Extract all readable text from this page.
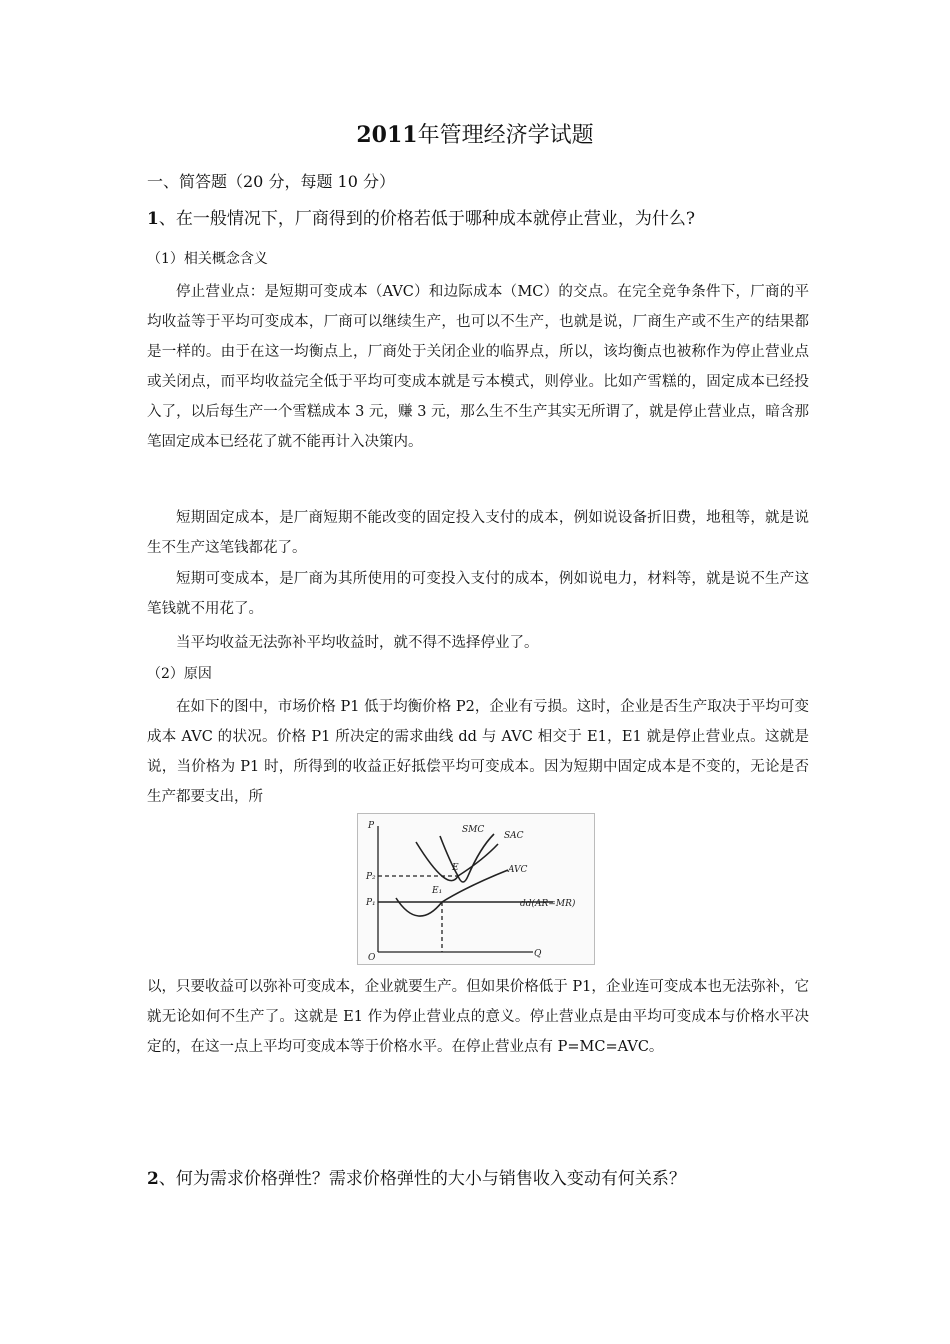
2011年管理经济学试题
一、简答题（20 分，每题 10 分）
1、在一般情况下，厂商得到的价格若低于哪种成本就停止营业，为什么?
（1）相关概念含义

停止营业点：是短期可变成本（AVC）和边际成本（MC）的交点。在完全竞争条件下，厂商的平均收益等于平均可变成本，厂商可以继续生产，也可以不生产，也就是说，厂商生产或不生产的结果都是一样的。由于在这一均衡点上，厂商处于关闭企业的临界点，所以，该均衡点也被称作为停止营业点或关闭点，而平均收益完全低于平均可变成本就是亏本模式，则停业。比如产雪糕的，固定成本已经投入了，以后每生产一个雪糕成本 3 元，赚 3 元，那么生不生产其实无所谓了，就是停止营业点，暗含那笔固定成本已经花了就不能再计入决策内。

短期固定成本，是厂商短期不能改变的固定投入支付的成本，例如说设备折旧费，地租等，就是说生不生产这笔钱都花了。

短期可变成本，是厂商为其所使用的可变投入支付的成本，例如说电力，材料等，就是说不生产这笔钱就不用花了。

当平均收益无法弥补平均收益时，就不得不选择停业了。

（2）原因

在如下的图中，市场价格 P1 低于均衡价格 P2，企业有亏损。这时，企业是否生产取决于平均可变成本 AVC 的状况。价格 P1 所决定的需求曲线 dd 与 AVC 相交于 E1，E1 就是停止营业点。这就是说，当价格为 P1 时，所得到的收益正好抵偿平均可变成本。因为短期中固定成本是不变的，无论是否生产都要支出，所

P
O	Q
P₂
P₁
SMC
SAC
AVC
E
E₁
dd(AR=MR)

以，只要收益可以弥补可变成本，企业就要生产。但如果价格低于 P1，企业连可变成本也无法弥补，它就无论如何不生产了。这就是 E1 作为停止营业点的意义。停止营业点是由平均可变成本与价格水平决定的，在这一点上平均可变成本等于价格水平。在停止营业点有 P=MC=AVC。

2、何为需求价格弹性？需求价格弹性的大小与销售收入变动有何关系？
